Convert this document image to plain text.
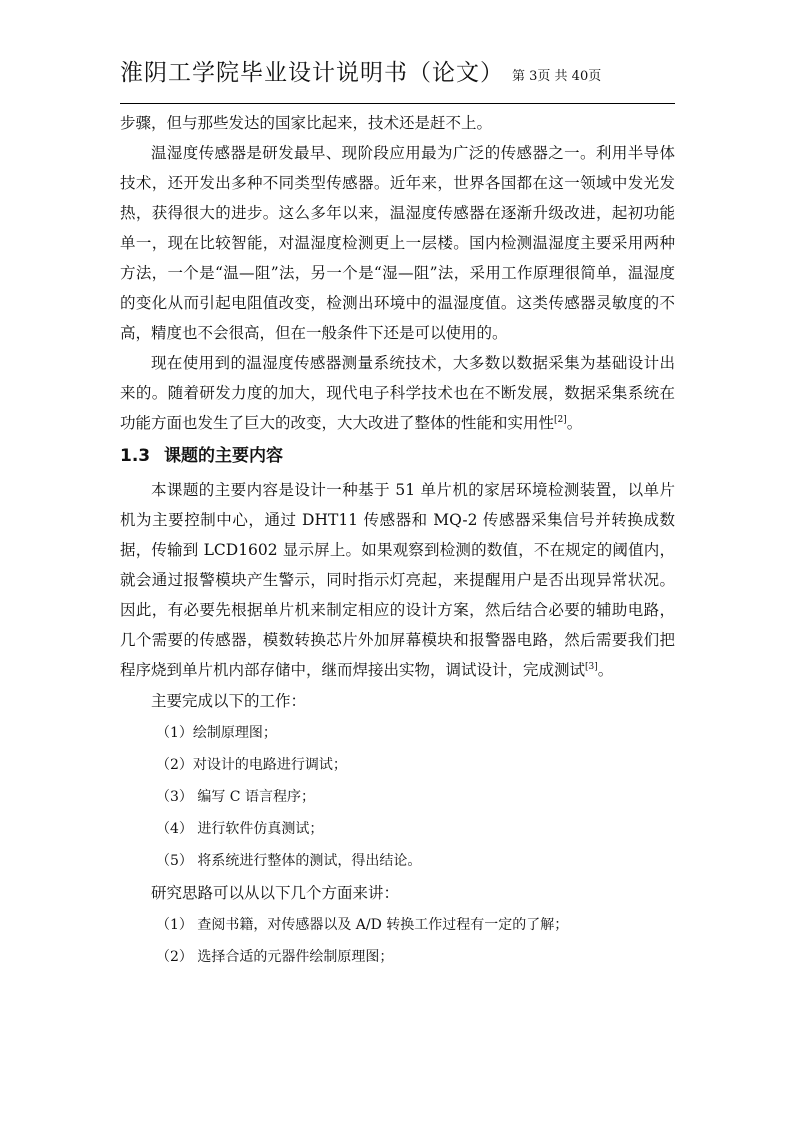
淮阴工学院毕业设计说明书（论文） 第 3页 共 40页

步骤，但与那些发达的国家比起来，技术还是赶不上。

温湿度传感器是研发最早、现阶段应用最为广泛的传感器之一。利用半导体技术，还开发出多种不同类型传感器。近年来，世界各国都在这一领域中发光发热，获得很大的进步。这么多年以来，温湿度传感器在逐渐升级改进，起初功能单一，现在比较智能，对温湿度检测更上一层楼。国内检测温湿度主要采用两种方法，一个是“温—阻”法，另一个是“湿—阻”法，采用工作原理很简单，温湿度的变化从而引起电阻值改变，检测出环境中的温湿度值。这类传感器灵敏度的不高，精度也不会很高，但在一般条件下还是可以使用的。

现在使用到的温湿度传感器测量系统技术，大多数以数据采集为基础设计出来的。随着研发力度的加大，现代电子科学技术也在不断发展，数据采集系统在功能方面也发生了巨大的改变，大大改进了整体的性能和实用性[2]。

1.3 课题的主要内容

本课题的主要内容是设计一种基于 51 单片机的家居环境检测装置，以单片机为主要控制中心，通过 DHT11 传感器和 MQ-2 传感器采集信号并转换成数据，传输到 LCD1602 显示屏上。如果观察到检测的数值，不在规定的阈值内，就会通过报警模块产生警示，同时指示灯亮起，来提醒用户是否出现异常状况。因此，有必要先根据单片机来制定相应的设计方案，然后结合必要的辅助电路，几个需要的传感器，模数转换芯片外加屏幕模块和报警器电路，然后需要我们把程序烧到单片机内部存储中，继而焊接出实物，调试设计，完成测试[3]。

主要完成以下的工作：

（1）绘制原理图；

（2）对设计的电路进行调试；

（3） 编写 C 语言程序；

（4） 进行软件仿真测试；

（5） 将系统进行整体的测试，得出结论。

研究思路可以从以下几个方面来讲：

（1） 查阅书籍，对传感器以及 A/D 转换工作过程有一定的了解；

（2） 选择合适的元器件绘制原理图；
